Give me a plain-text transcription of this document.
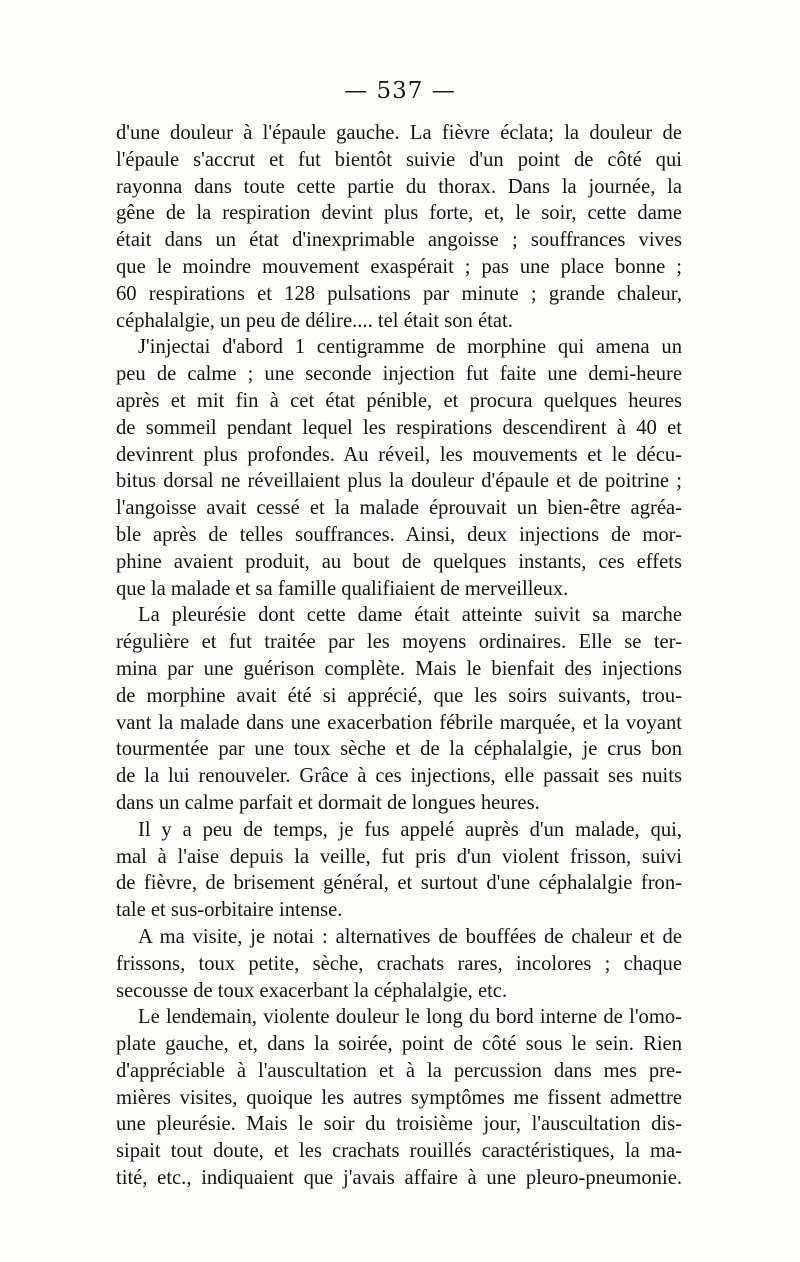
— 537 —
d'une douleur à l'épaule gauche. La fièvre éclata; la douleur de
l'épaule s'accrut et fut bientôt suivie d'un point de côté qui
rayonna dans toute cette partie du thorax. Dans la journée, la
gêne de la respiration devint plus forte, et, le soir, cette dame
était dans un état d'inexprimable angoisse ; souffrances vives
que le moindre mouvement exaspérait ; pas une place bonne ;
60 respirations et 128 pulsations par minute ; grande chaleur,
céphalalgie, un peu de délire.... tel était son état.
J'injectai d'abord 1 centigramme de morphine qui amena un
peu de calme ; une seconde injection fut faite une demi-heure
après et mit fin à cet état pénible, et procura quelques heures
de sommeil pendant lequel les respirations descendirent à 40 et
devinrent plus profondes. Au réveil, les mouvements et le décu-
bitus dorsal ne réveillaient plus la douleur d'épaule et de poitrine ;
l'angoisse avait cessé et la malade éprouvait un bien-être agréa-
ble après de telles souffrances. Ainsi, deux injections de mor-
phine avaient produit, au bout de quelques instants, ces effets
que la malade et sa famille qualifiaient de merveilleux.
La pleurésie dont cette dame était atteinte suivit sa marche
régulière et fut traitée par les moyens ordinaires. Elle se ter-
mina par une guérison complète. Mais le bienfait des injections
de morphine avait été si apprécié, que les soirs suivants, trou-
vant la malade dans une exacerbation fébrile marquée, et la voyant
tourmentée par une toux sèche et de la céphalalgie, je crus bon
de la lui renouveler. Grâce à ces injections, elle passait ses nuits
dans un calme parfait et dormait de longues heures.
Il y a peu de temps, je fus appelé auprès d'un malade, qui,
mal à l'aise depuis la veille, fut pris d'un violent frisson, suivi
de fièvre, de brisement général, et surtout d'une céphalalgie fron-
tale et sus-orbitaire intense.
A ma visite, je notai : alternatives de bouffées de chaleur et de
frissons, toux petite, sèche, crachats rares, incolores ; chaque
secousse de toux exacerbant la céphalalgie, etc.
Le lendemain, violente douleur le long du bord interne de l'omo-
plate gauche, et, dans la soirée, point de côté sous le sein. Rien
d'appréciable à l'auscultation et à la percussion dans mes pre-
mières visites, quoique les autres symptômes me fissent admettre
une pleurésie. Mais le soir du troisième jour, l'auscultation dis-
sipait tout doute, et les crachats rouillés caractéristiques, la ma-
tité, etc., indiquaient que j'avais affaire à une pleuro-pneumonie.
